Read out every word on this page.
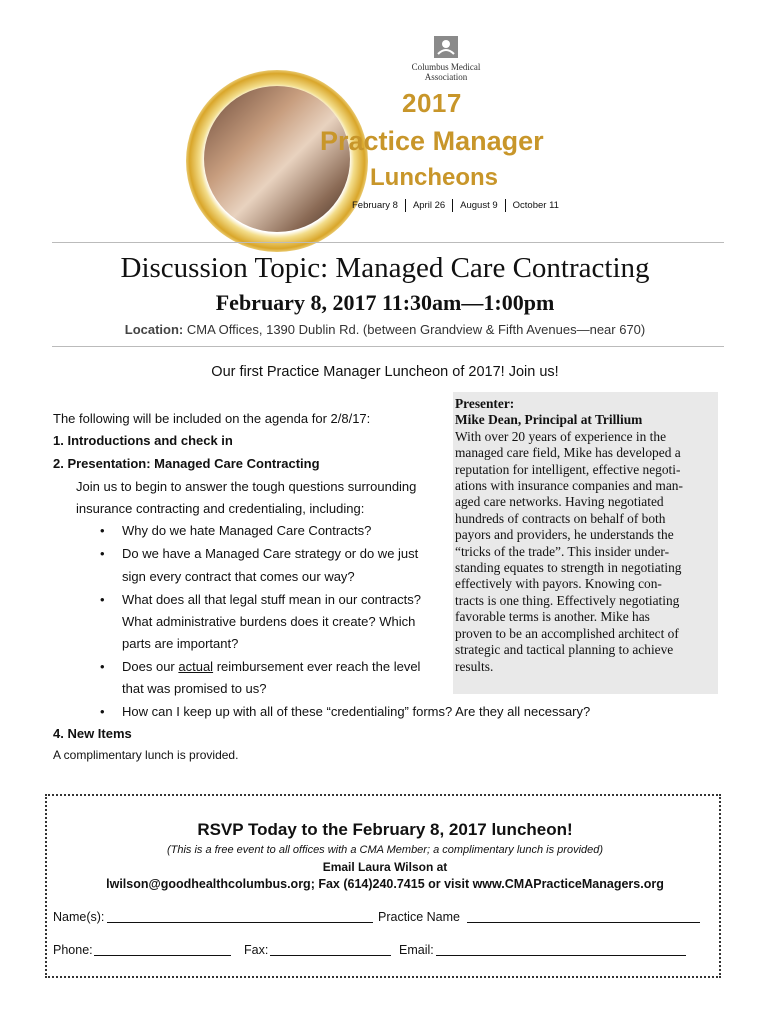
Columbus Medical Association
2017
Practice Manager
Luncheons
February 8	April 26	August 9	October 11
Discussion Topic: Managed Care Contracting
February 8, 2017 11:30am—1:00pm
Location: CMA Offices, 1390 Dublin Rd. (between Grandview & Fifth Avenues—near 670)
Our first Practice Manager Luncheon of 2017! Join us!
The following will be included on the agenda for 2/8/17:
1. Introductions and check in
2. Presentation: Managed Care Contracting
Join us to begin to answer the tough questions surrounding
insurance contracting and credentialing, including:
• Why do we hate Managed Care Contracts?
• Do we have a Managed Care strategy or do we just
sign every contract that comes our way?
• What does all that legal stuff mean in our contracts?
What administrative burdens does it create? Which
parts are important?
• Does our actual reimbursement ever reach the level
that was promised to us?
• How can I keep up with all of these “credentialing” forms? Are they all necessary?
4. New Items
A complimentary lunch is provided.
Presenter:
Mike Dean, Principal at Trillium
With over 20 years of experience in the
managed care field, Mike has developed a
reputation for intelligent, effective negoti-
ations with insurance companies and man-
aged care networks. Having negotiated
hundreds of contracts on behalf of both
payors and providers, he understands the
“tricks of the trade”. This insider under-
standing equates to strength in negotiating
effectively with payors. Knowing con-
tracts is one thing. Effectively negotiating
favorable terms is another. Mike has
proven to be an accomplished architect of
strategic and tactical planning to achieve
results.
RSVP Today to the February 8, 2017 luncheon!
(This is a free event to all offices with a CMA Member; a complimentary lunch is provided)
Email Laura Wilson at
lwilson@goodhealthcolumbus.org; Fax (614)240.7415 or visit www.CMAPracticeManagers.org
Name(s):	Practice Name
Phone:	Fax:	Email:
